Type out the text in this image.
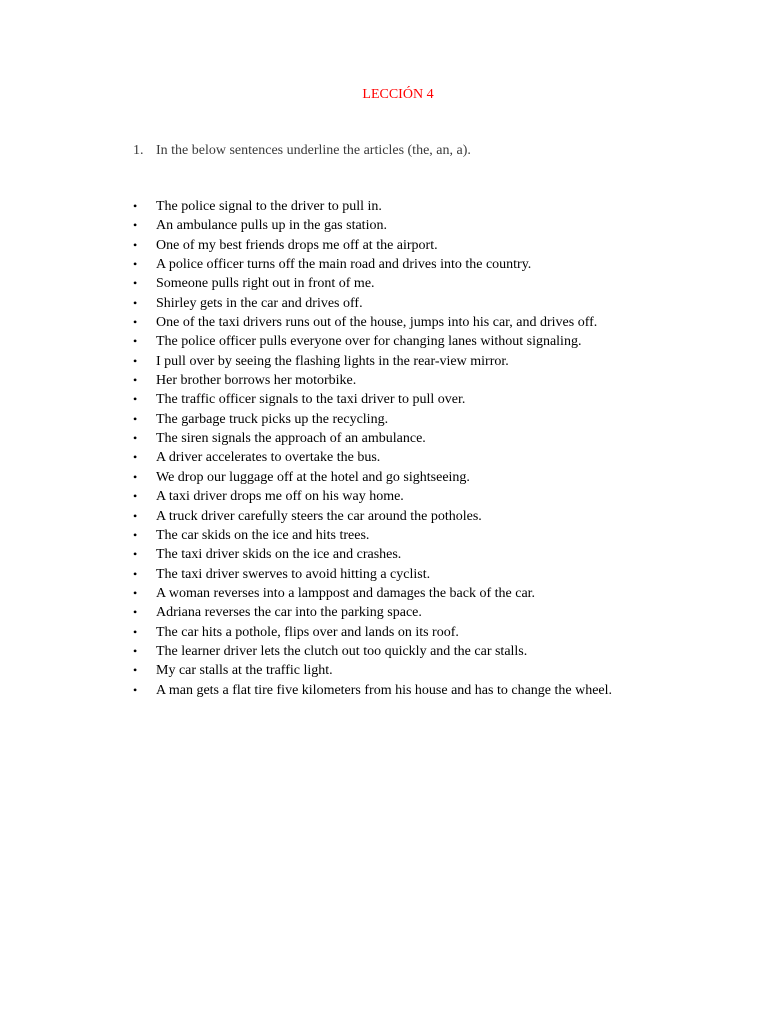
LECCIÓN 4
1. In the below sentences underline the articles (the, an, a).
• The police signal to the driver to pull in.
• An ambulance pulls up in the gas station.
• One of my best friends drops me off at the airport.
• A police officer turns off the main road and drives into the country.
• Someone pulls right out in front of me.
• Shirley gets in the car and drives off.
• One of the taxi drivers runs out of the house, jumps into his car, and drives off.
• The police officer pulls everyone over for changing lanes without signaling.
• I pull over by seeing the flashing lights in the rear-view mirror.
• Her brother borrows her motorbike.
• The traffic officer signals to the taxi driver to pull over.
• The garbage truck picks up the recycling.
• The siren signals the approach of an ambulance.
• A driver accelerates to overtake the bus.
• We drop our luggage off at the hotel and go sightseeing.
• A taxi driver drops me off on his way home.
• A truck driver carefully steers the car around the potholes.
• The car skids on the ice and hits trees.
• The taxi driver skids on the ice and crashes.
• The taxi driver swerves to avoid hitting a cyclist.
• A woman reverses into a lamppost and damages the back of the car.
• Adriana reverses the car into the parking space.
• The car hits a pothole, flips over and lands on its roof.
• The learner driver lets the clutch out too quickly and the car stalls.
• My car stalls at the traffic light.
• A man gets a flat tire five kilometers from his house and has to change the wheel.
